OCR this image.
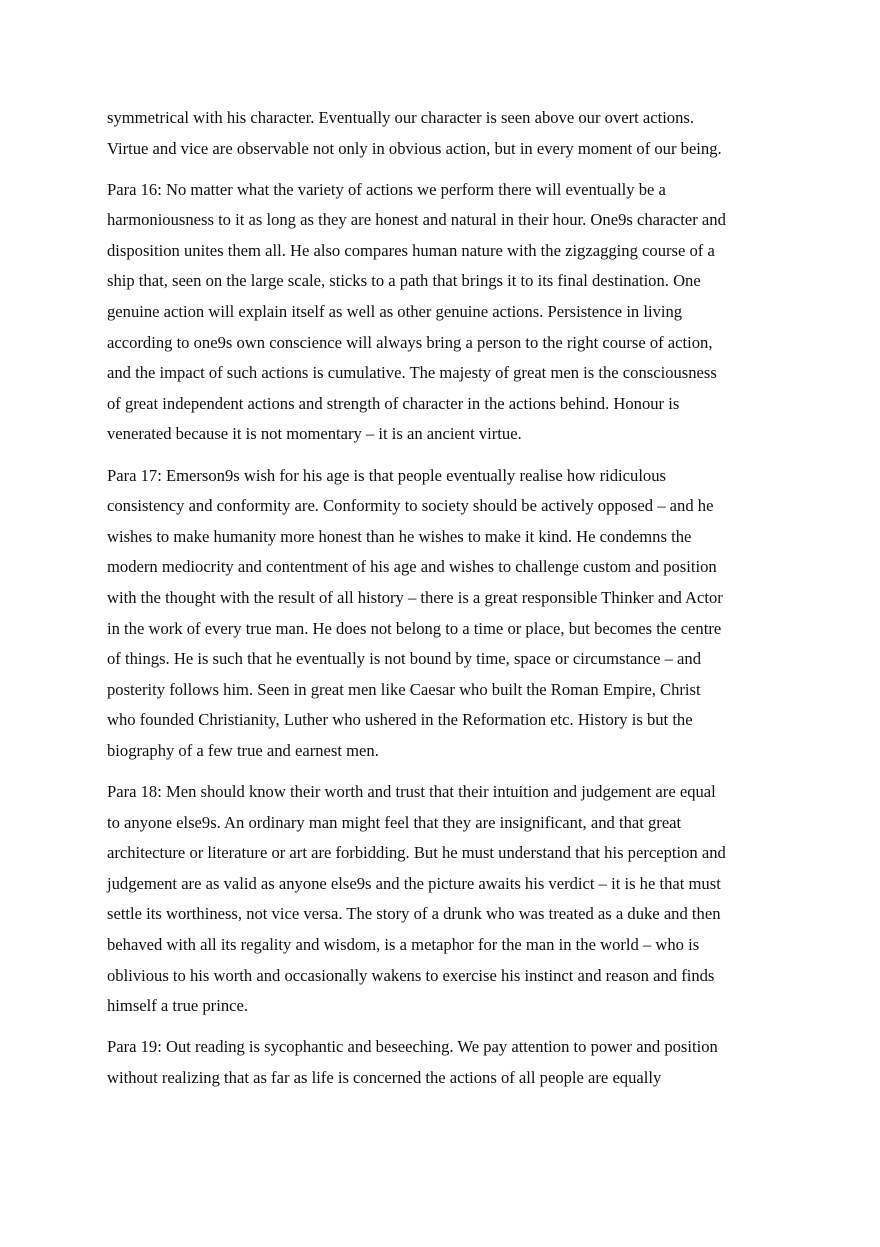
symmetrical with his character. Eventually our character is seen above our overt actions.
Virtue and vice are observable not only in obvious action, but in every moment of our being.

Para 16: No matter what the variety of actions we perform there will eventually be a
harmoniousness to it as long as they are honest and natural in their hour. One9s character and
disposition unites them all. He also compares human nature with the zigzagging course of a
ship that, seen on the large scale, sticks to a path that brings it to its final destination. One
genuine action will explain itself as well as other genuine actions. Persistence in living
according to one9s own conscience will always bring a person to the right course of action,
and the impact of such actions is cumulative. The majesty of great men is the consciousness
of great independent actions and strength of character in the actions behind. Honour is
venerated because it is not momentary – it is an ancient virtue.

Para 17: Emerson9s wish for his age is that people eventually realise how ridiculous
consistency and conformity are. Conformity to society should be actively opposed – and he
wishes to make humanity more honest than he wishes to make it kind. He condemns the
modern mediocrity and contentment of his age and wishes to challenge custom and position
with the thought with the result of all history – there is a great responsible Thinker and Actor
in the work of every true man. He does not belong to a time or place, but becomes the centre
of things. He is such that he eventually is not bound by time, space or circumstance – and
posterity follows him. Seen in great men like Caesar who built the Roman Empire, Christ
who founded Christianity, Luther who ushered in the Reformation etc. History is but the
biography of a few true and earnest men.

Para 18: Men should know their worth and trust that their intuition and judgement are equal
to anyone else9s. An ordinary man might feel that they are insignificant, and that great
architecture or literature or art are forbidding. But he must understand that his perception and
judgement are as valid as anyone else9s and the picture awaits his verdict – it is he that must
settle its worthiness, not vice versa. The story of a drunk who was treated as a duke and then
behaved with all its regality and wisdom, is a metaphor for the man in the world – who is
oblivious to his worth and occasionally wakens to exercise his instinct and reason and finds
himself a true prince.

Para 19: Out reading is sycophantic and beseeching. We pay attention to power and position
without realizing that as far as life is concerned the actions of all people are equally
